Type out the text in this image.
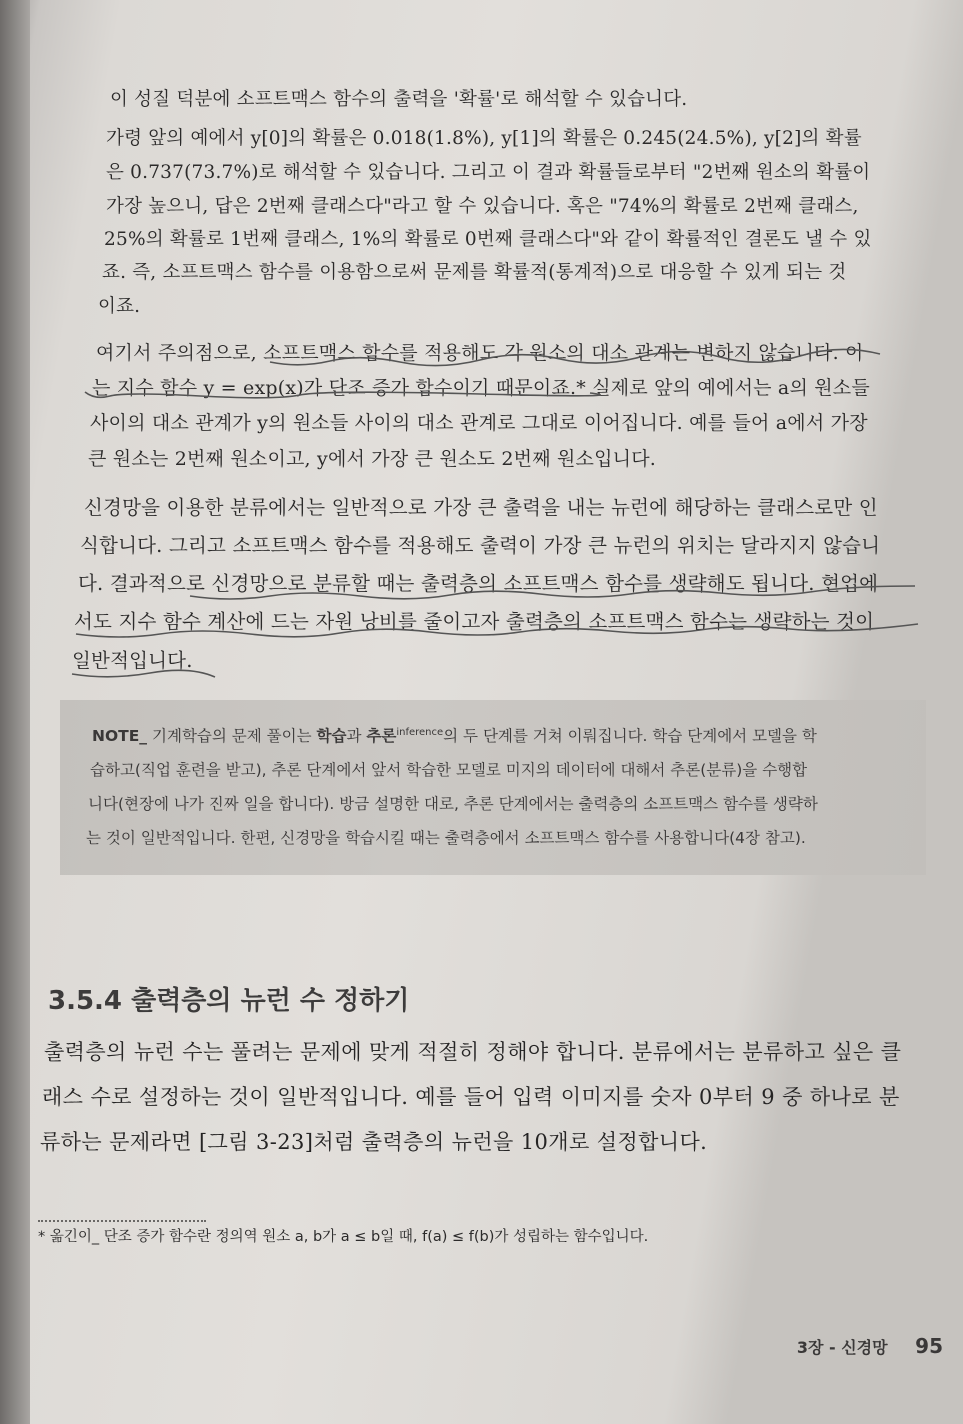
이 성질 덕분에 소프트맥스 함수의 출력을 '확률'로 해석할 수 있습니다.
가령 앞의 예에서 y[0]의 확률은 0.018(1.8%), y[1]의 확률은 0.245(24.5%), y[2]의 확률
은 0.737(73.7%)로 해석할 수 있습니다. 그리고 이 결과 확률들로부터 "2번째 원소의 확률이
가장 높으니, 답은 2번째 클래스다"라고 할 수 있습니다. 혹은 "74%의 확률로 2번째 클래스,
25%의 확률로 1번째 클래스, 1%의 확률로 0번째 클래스다"와 같이 확률적인 결론도 낼 수 있
죠. 즉, 소프트맥스 함수를 이용함으로써 문제를 확률적(통계적)으로 대응할 수 있게 되는 것
이죠.
여기서 주의점으로, 소프트맥스 함수를 적용해도 각 원소의 대소 관계는 변하지 않습니다. 이
는 지수 함수 y = exp(x)가 단조 증가 함수이기 때문이죠.* 실제로 앞의 예에서는 a의 원소들
사이의 대소 관계가 y의 원소들 사이의 대소 관계로 그대로 이어집니다. 예를 들어 a에서 가장
큰 원소는 2번째 원소이고, y에서 가장 큰 원소도 2번째 원소입니다.
신경망을 이용한 분류에서는 일반적으로 가장 큰 출력을 내는 뉴런에 해당하는 클래스로만 인
식합니다. 그리고 소프트맥스 함수를 적용해도 출력이 가장 큰 뉴런의 위치는 달라지지 않습니
다. 결과적으로 신경망으로 분류할 때는 출력층의 소프트맥스 함수를 생략해도 됩니다. 현업에
서도 지수 함수 계산에 드는 자원 낭비를 줄이고자 출력층의 소프트맥스 함수는 생략하는 것이
일반적입니다.
NOTE_ 기계학습의 문제 풀이는 학습과 추론$^{inference}$의 두 단계를 거쳐 이뤄집니다. 학습 단계에서 모델을 학
습하고(직업 훈련을 받고), 추론 단계에서 앞서 학습한 모델로 미지의 데이터에 대해서 추론(분류)을 수행합
니다(현장에 나가 진짜 일을 합니다). 방금 설명한 대로, 추론 단계에서는 출력층의 소프트맥스 함수를 생략하
는 것이 일반적입니다. 한편, 신경망을 학습시킬 때는 출력층에서 소프트맥스 함수를 사용합니다(4장 참고).
3.5.4 출력층의 뉴런 수 정하기
출력층의 뉴런 수는 풀려는 문제에 맞게 적절히 정해야 합니다. 분류에서는 분류하고 싶은 클
래스 수로 설정하는 것이 일반적입니다. 예를 들어 입력 이미지를 숫자 0부터 9 중 하나로 분
류하는 문제라면 [그림 3-23]처럼 출력층의 뉴런을 10개로 설정합니다.
* 옮긴이_ 단조 증가 함수란 정의역 원소 a, b가 a ≤ b일 때, f(a) ≤ f(b)가 성립하는 함수입니다.
3장 - 신경망 95
